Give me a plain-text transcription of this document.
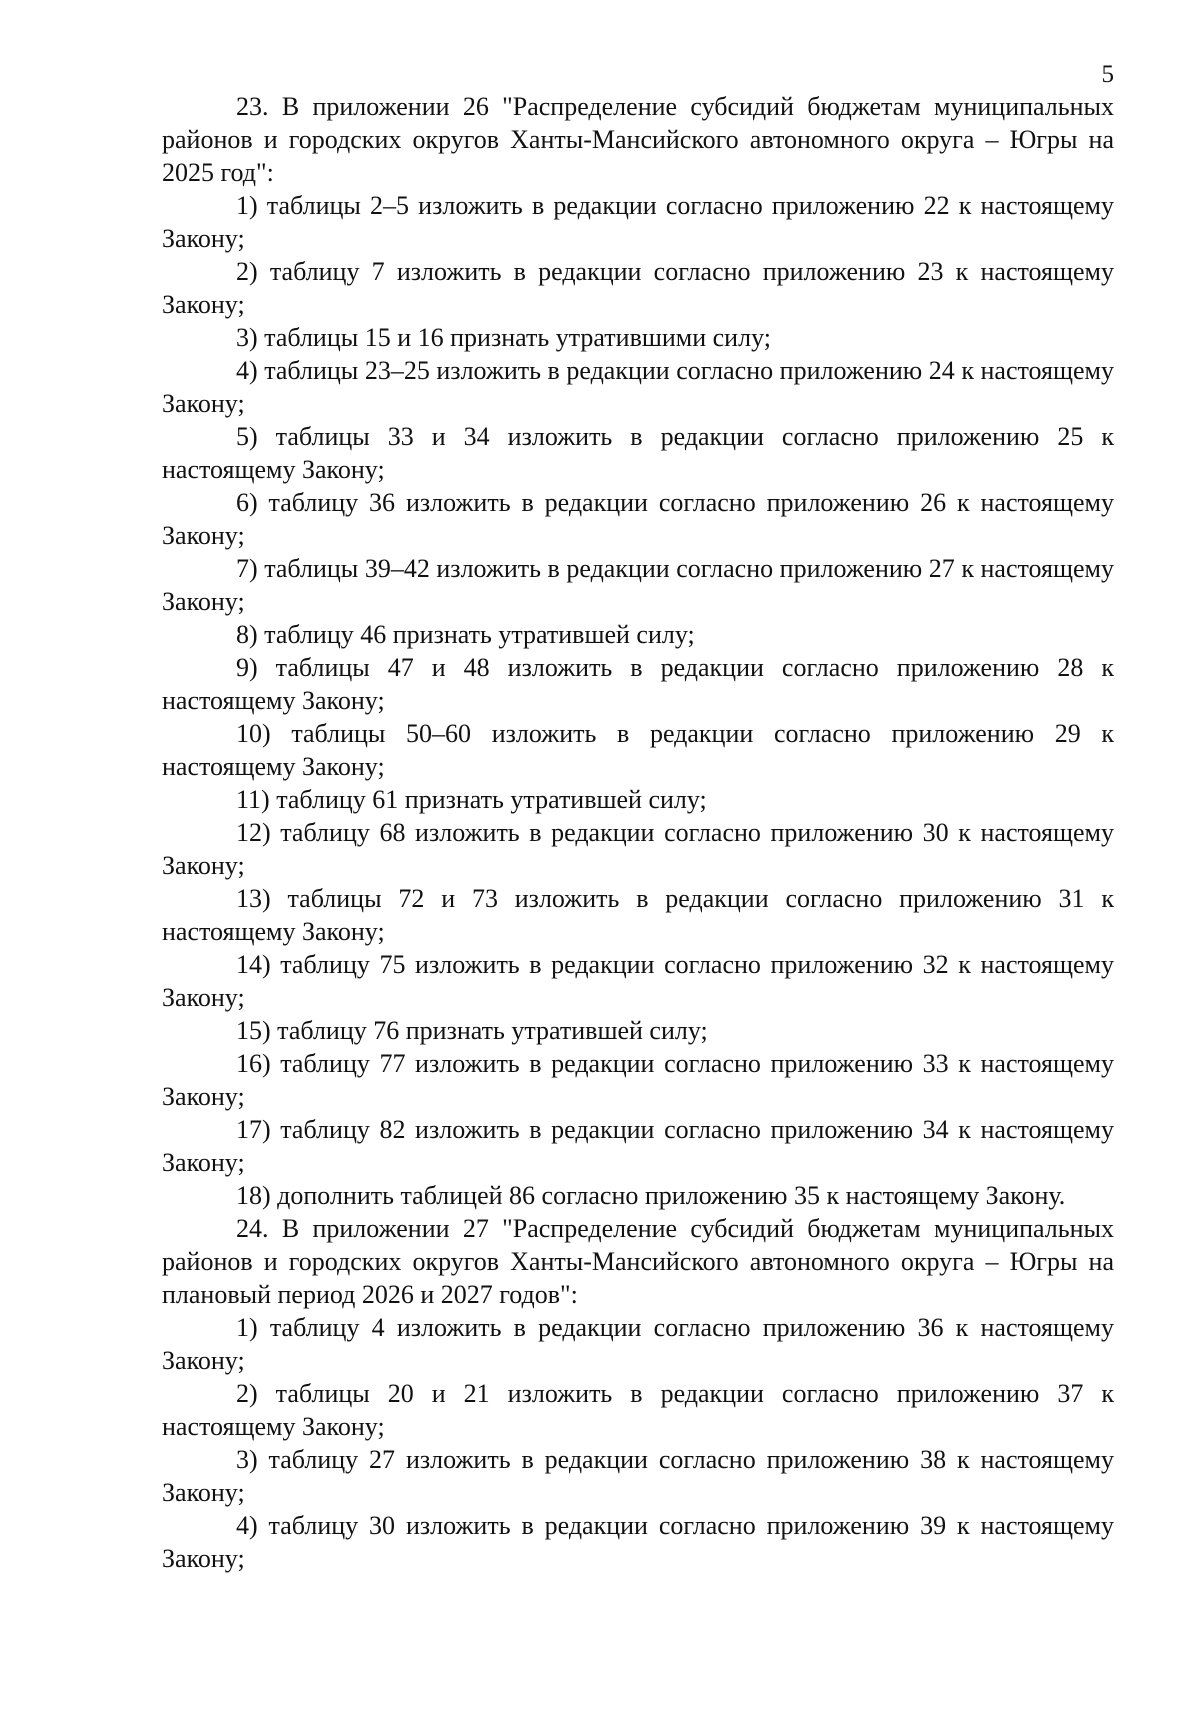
5

23. В приложении 26 "Распределение субсидий бюджетам муниципальных районов и городских округов Ханты-Мансийского автономного округа – Югры на 2025 год":

1) таблицы 2–5 изложить в редакции согласно приложению 22 к настоящему Закону;

2) таблицу 7 изложить в редакции согласно приложению 23 к настоящему Закону;

3) таблицы 15 и 16 признать утратившими силу;

4) таблицы 23–25 изложить в редакции согласно приложению 24 к настоящему Закону;

5) таблицы 33 и 34 изложить в редакции согласно приложению 25 к настоящему Закону;

6) таблицу 36 изложить в редакции согласно приложению 26 к настоящему Закону;

7) таблицы 39–42 изложить в редакции согласно приложению 27 к настоящему Закону;

8) таблицу 46 признать утратившей силу;

9) таблицы 47 и 48 изложить в редакции согласно приложению 28 к настоящему Закону;

10) таблицы 50–60 изложить в редакции согласно приложению 29 к настоящему Закону;

11) таблицу 61 признать утратившей силу;

12) таблицу 68 изложить в редакции согласно приложению 30 к настоящему Закону;

13) таблицы 72 и 73 изложить в редакции согласно приложению 31 к настоящему Закону;

14) таблицу 75 изложить в редакции согласно приложению 32 к настоящему Закону;

15) таблицу 76 признать утратившей силу;

16) таблицу 77 изложить в редакции согласно приложению 33 к настоящему Закону;

17) таблицу 82 изложить в редакции согласно приложению 34 к настоящему Закону;

18) дополнить таблицей 86 согласно приложению 35 к настоящему Закону.

24. В приложении 27 "Распределение субсидий бюджетам муниципальных районов и городских округов Ханты-Мансийского автономного округа – Югры на плановый период 2026 и 2027 годов":

1) таблицу 4 изложить в редакции согласно приложению 36 к настоящему Закону;

2) таблицы 20 и 21 изложить в редакции согласно приложению 37 к настоящему Закону;

3) таблицу 27 изложить в редакции согласно приложению 38 к настоящему Закону;

4) таблицу 30 изложить в редакции согласно приложению 39 к настоящему Закону;
